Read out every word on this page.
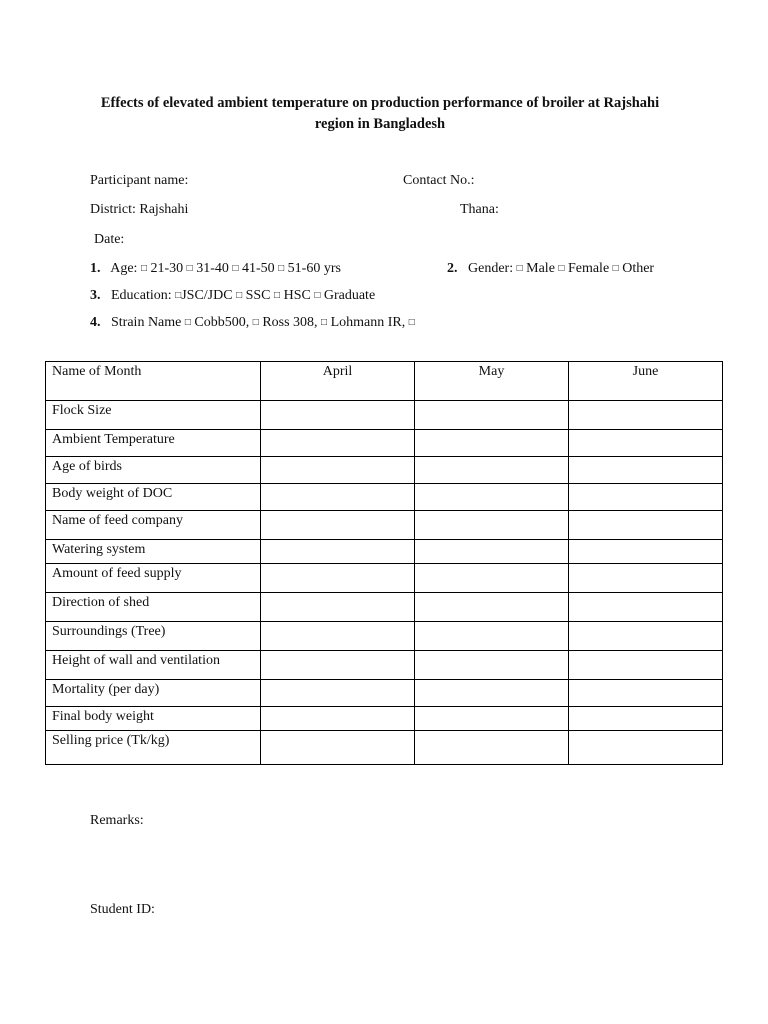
Effects of elevated ambient temperature on production performance of broiler at Rajshahi
region in Bangladesh
Participant name:	Contact No.:
District: Rajshahi	Thana:
Date:
1. Age: □ 21-30 □ 31-40 □ 41-50 □ 51-60 yrs	2. Gender: □ Male □ Female □ Other
3. Education: □JSC/JDC □ SSC □ HSC □ Graduate
4. Strain Name □ Cobb500, □ Ross 308, □ Lohmann IR, □
Name of Month	April	May	June
Flock Size			
Ambient Temperature			
Age of birds			
Body weight of DOC			
Name of feed company			
Watering system			
Amount of feed supply			
Direction of shed			
Surroundings (Tree)			
Height of wall and ventilation			
Mortality (per day)			
Final body weight			
Selling price (Tk/kg)			
Remarks:
Student ID:
